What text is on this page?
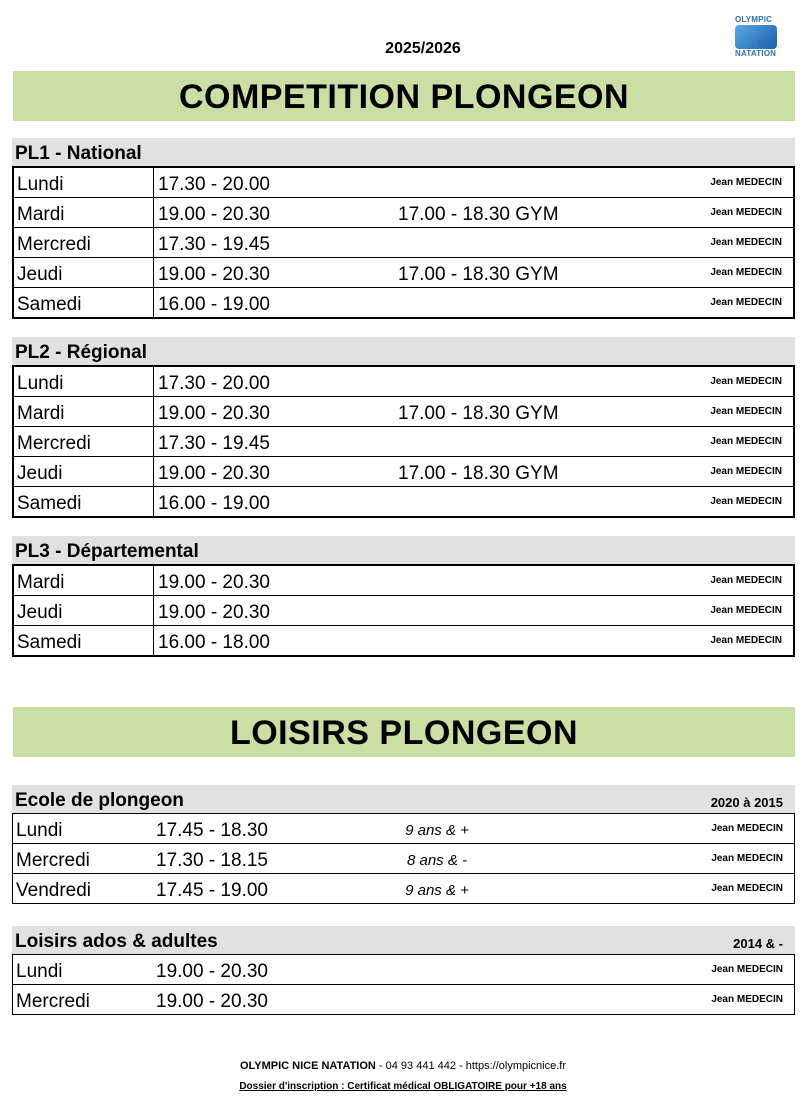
2025/2026
OLYMPIC
NICE
NATATION
COMPETITION PLONGEON
PL1 - National
Lundi	17.30 - 20.00		Jean MEDECIN
Mardi	19.00 - 20.30	17.00 - 18.30 GYM	Jean MEDECIN
Mercredi	17.30 - 19.45		Jean MEDECIN
Jeudi	19.00 - 20.30	17.00 - 18.30 GYM	Jean MEDECIN
Samedi	16.00 - 19.00		Jean MEDECIN
PL2 - Régional
Lundi	17.30 - 20.00		Jean MEDECIN
Mardi	19.00 - 20.30	17.00 - 18.30 GYM	Jean MEDECIN
Mercredi	17.30 - 19.45		Jean MEDECIN
Jeudi	19.00 - 20.30	17.00 - 18.30 GYM	Jean MEDECIN
Samedi	16.00 - 19.00		Jean MEDECIN
PL3 - Départemental
Mardi	19.00 - 20.30		Jean MEDECIN
Jeudi	19.00 - 20.30		Jean MEDECIN
Samedi	16.00 - 18.00		Jean MEDECIN
LOISIRS PLONGEON
Ecole de plongeon	2020 à 2015
Lundi	17.45 - 18.30	9 ans & +		Jean MEDECIN
Mercredi	17.30 - 18.15	8 ans & -		Jean MEDECIN
Vendredi	17.45 - 19.00	9 ans & +		Jean MEDECIN
Loisirs ados & adultes	2014 & -
Lundi	19.00 - 20.30		Jean MEDECIN
Mercredi	19.00 - 20.30		Jean MEDECIN
OLYMPIC NICE NATATION - 04 93 441 442 - https://olympicnice.fr
Dossier d'inscription : Certificat médical OBLIGATOIRE pour +18 ans
